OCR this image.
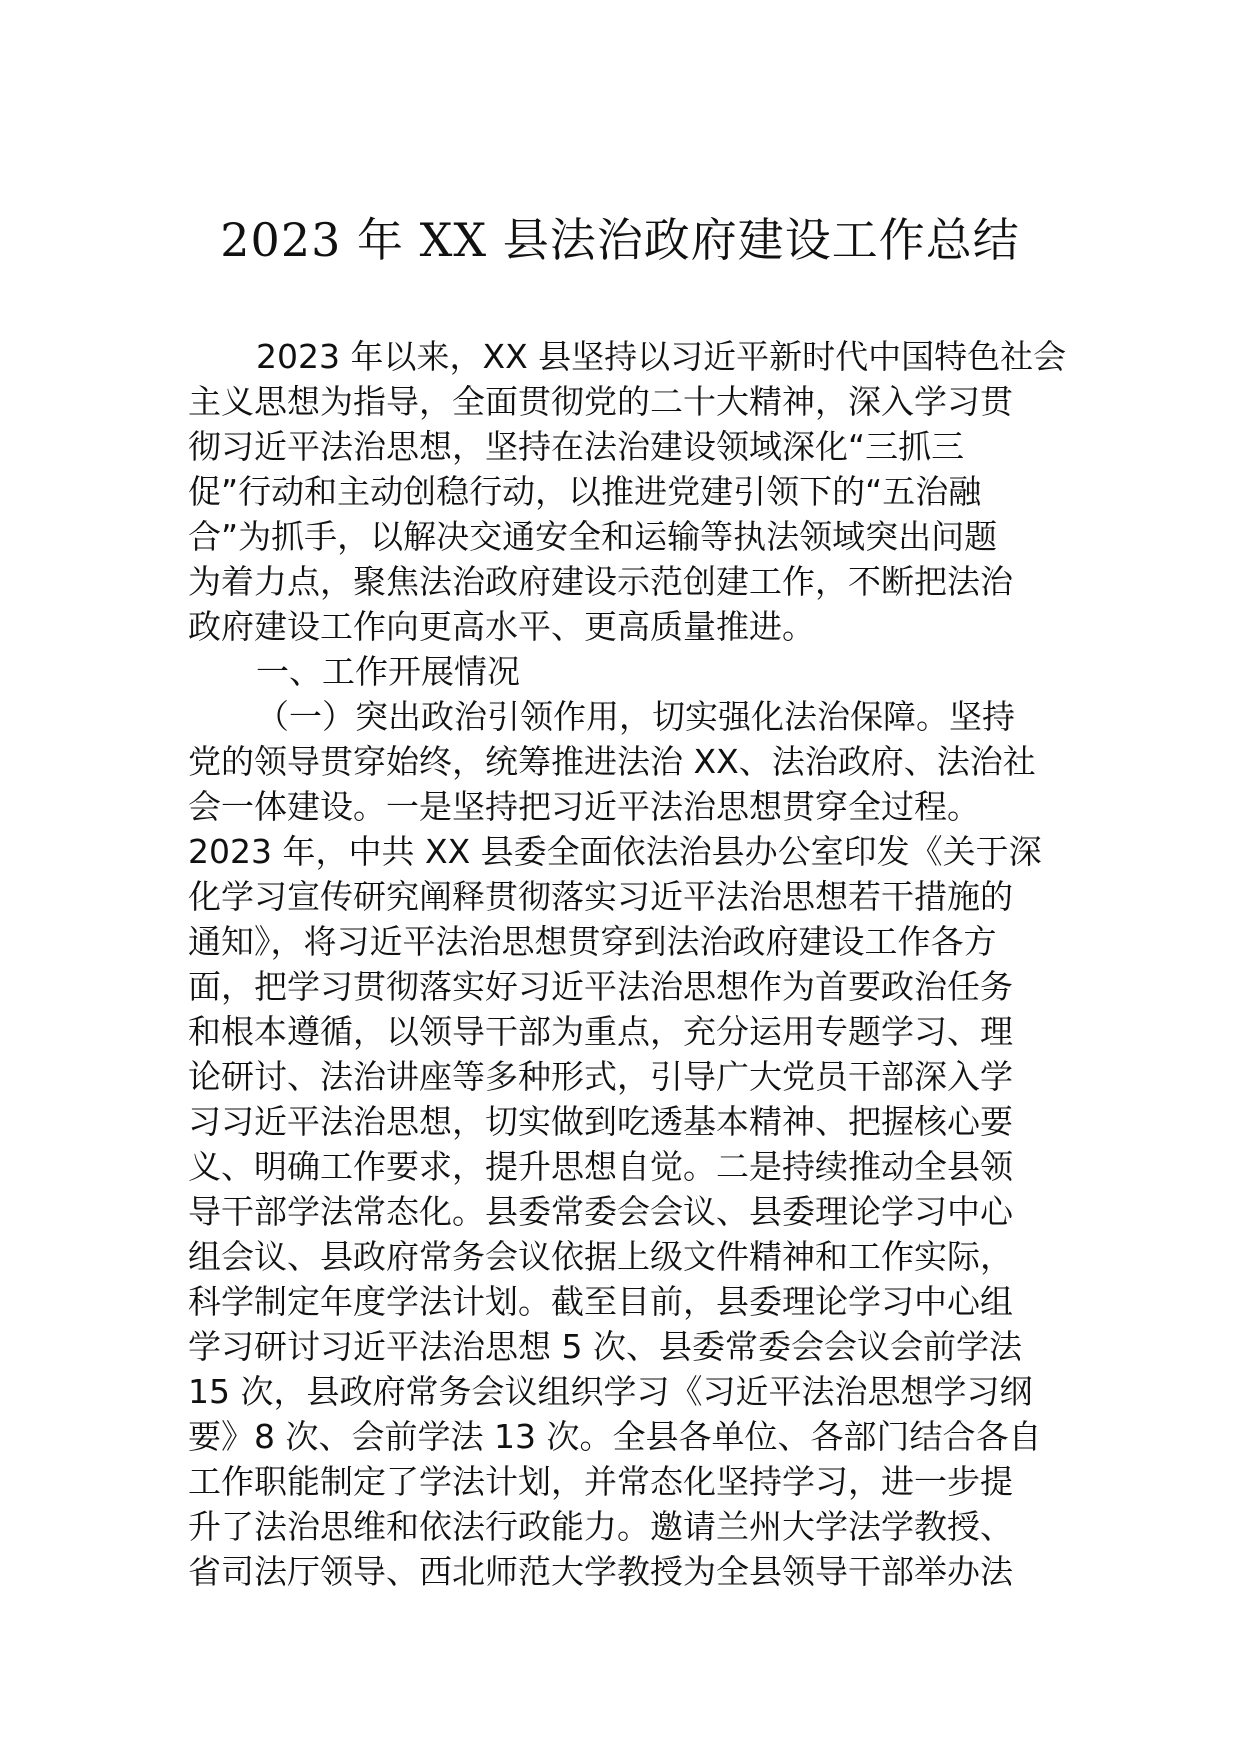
2023 年 XX 县法治政府建设工作总结
2023 年以来，XX 县坚持以习近平新时代中国特色社会
主义思想为指导，全面贯彻党的二十大精神，深入学习贯
彻习近平法治思想，坚持在法治建设领域深化“三抓三
促”行动和主动创稳行动，以推进党建引领下的“五治融
合”为抓手，以解决交通安全和运输等执法领域突出问题
为着力点，聚焦法治政府建设示范创建工作，不断把法治
政府建设工作向更高水平、更高质量推进。
一、工作开展情况
（一）突出政治引领作用，切实强化法治保障。坚持
党的领导贯穿始终，统筹推进法治 XX、法治政府、法治社
会一体建设。一是坚持把习近平法治思想贯穿全过程。
2023 年，中共 XX 县委全面依法治县办公室印发《关于深
化学习宣传研究阐释贯彻落实习近平法治思想若干措施的
通知》，将习近平法治思想贯穿到法治政府建设工作各方
面，把学习贯彻落实好习近平法治思想作为首要政治任务
和根本遵循，以领导干部为重点，充分运用专题学习、理
论研讨、法治讲座等多种形式，引导广大党员干部深入学
习习近平法治思想，切实做到吃透基本精神、把握核心要
义、明确工作要求，提升思想自觉。二是持续推动全县领
导干部学法常态化。县委常委会会议、县委理论学习中心
组会议、县政府常务会议依据上级文件精神和工作实际，
科学制定年度学法计划。截至目前，县委理论学习中心组
学习研讨习近平法治思想 5 次、县委常委会会议会前学法
15 次，县政府常务会议组织学习《习近平法治思想学习纲
要》8 次、会前学法 13 次。全县各单位、各部门结合各自
工作职能制定了学法计划，并常态化坚持学习，进一步提
升了法治思维和依法行政能力。邀请兰州大学法学教授、
省司法厅领导、西北师范大学教授为全县领导干部举办法
